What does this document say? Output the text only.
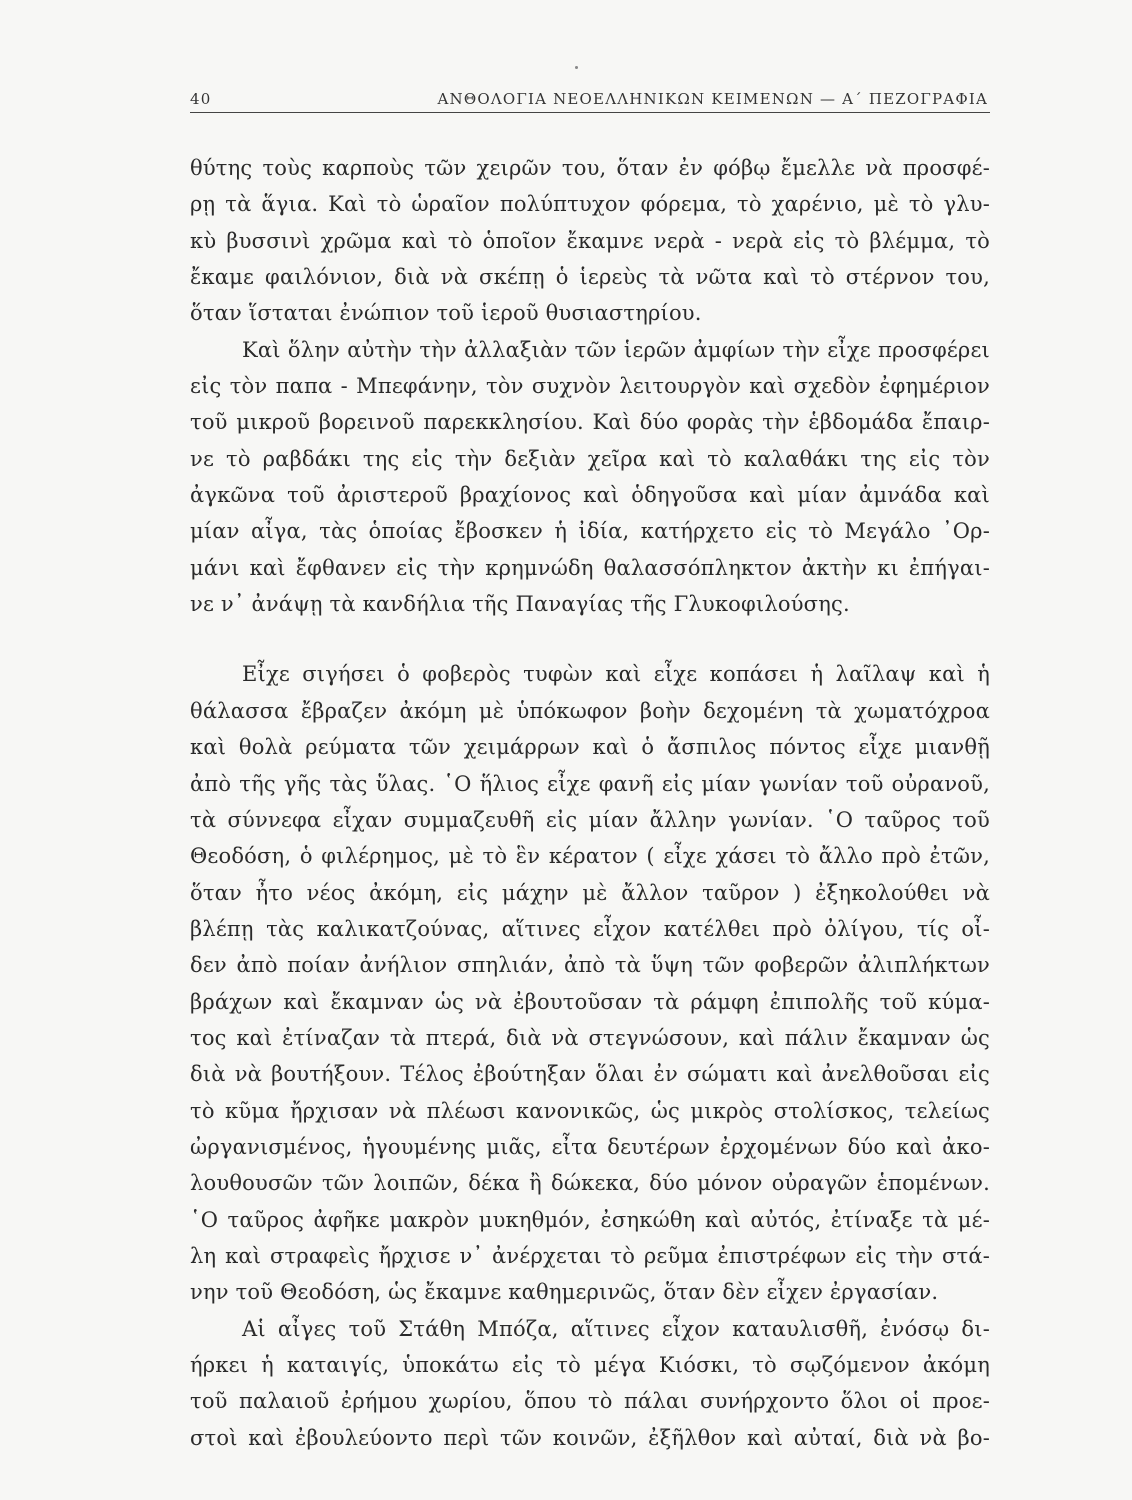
40	ΑΝΘΟΛΟΓΙΑ ΝΕΟΕΛΛΗΝΙΚΩΝ ΚΕΙΜΕΝΩΝ — Α΄ ΠΕΖΟΓΡΑΦΙΑ
θύτης τοὺς καρποὺς τῶν χειρῶν του, ὅταν ἐν φόβῳ ἔμελλε νὰ προσφέ-
ρῃ τὰ ἅγια. Καὶ τὸ ὡραῖον πολύπτυχον φόρεμα, τὸ χαρένιο, μὲ τὸ γλυ-
κὺ βυσσινὶ χρῶμα καὶ τὸ ὁποῖον ἔκαμνε νερὰ - νερὰ εἰς τὸ βλέμμα, τὸ
ἔκαμε φαιλόνιον, διὰ νὰ σκέπῃ ὁ ἱερεὺς τὰ νῶτα καὶ τὸ στέρνον του,
ὅταν ἵσταται ἐνώπιον τοῦ ἱεροῦ θυσιαστηρίου.
Καὶ ὅλην αὐτὴν τὴν ἀλλαξιὰν τῶν ἱερῶν ἀμφίων τὴν εἶχε προσφέρει
εἰς τὸν παπα - Μπεφάνην, τὸν συχνὸν λειτουργὸν καὶ σχεδὸν ἐφημέριον
τοῦ μικροῦ βορεινοῦ παρεκκλησίου. Καὶ δύο φορὰς τὴν ἑβδομάδα ἔπαιρ-
νε τὸ ραβδάκι της εἰς τὴν δεξιὰν χεῖρα καὶ τὸ καλαθάκι της εἰς τὸν
ἀγκῶνα τοῦ ἀριστεροῦ βραχίονος καὶ ὁδηγοῦσα καὶ μίαν ἀμνάδα καὶ
μίαν αἶγα, τὰς ὁποίας ἔβοσκεν ἡ ἰδία, κατήρχετο εἰς τὸ Μεγάλο ᾿Ορ-
μάνι καὶ ἔφθανεν εἰς τὴν κρημνώδη θαλασσόπληκτον ἀκτὴν κι ἐπήγαι-
νε ν᾿ ἀνάψῃ τὰ κανδήλια τῆς Παναγίας τῆς Γλυκοφιλούσης.
Εἶχε σιγήσει ὁ φοβερὸς τυφὼν καὶ εἶχε κοπάσει ἡ λαῖλαψ καὶ ἡ
θάλασσα ἔβραζεν ἀκόμη μὲ ὑπόκωφον βοὴν δεχομένη τὰ χωματόχροα
καὶ θολὰ ρεύματα τῶν χειμάρρων καὶ ὁ ἄσπιλος πόντος εἶχε μιανθῇ
ἀπὸ τῆς γῆς τὰς ὕλας. ῾Ο ἥλιος εἶχε φανῆ εἰς μίαν γωνίαν τοῦ οὐρανοῦ,
τὰ σύννεφα εἶχαν συμμαζευθῆ εἰς μίαν ἄλλην γωνίαν. ῾Ο ταῦρος τοῦ
Θεοδόση, ὁ φιλέρημος, μὲ τὸ ἓν κέρατον ( εἶχε χάσει τὸ ἄλλο πρὸ ἐτῶν,
ὅταν ἦτο νέος ἀκόμη, εἰς μάχην μὲ ἄλλον ταῦρον ) ἐξηκολούθει νὰ
βλέπῃ τὰς καλικατζούνας, αἵτινες εἶχον κατέλθει πρὸ ὀλίγου, τίς οἶ-
δεν ἀπὸ ποίαν ἀνήλιον σπηλιάν, ἀπὸ τὰ ὕψη τῶν φοβερῶν ἀλιπλήκτων
βράχων καὶ ἔκαμναν ὡς νὰ ἐβουτοῦσαν τὰ ράμφη ἐπιπολῆς τοῦ κύμα-
τος καὶ ἐτίναζαν τὰ πτερά, διὰ νὰ στεγνώσουν, καὶ πάλιν ἔκαμναν ὡς
διὰ νὰ βουτήξουν. Τέλος ἐβούτηξαν ὅλαι ἐν σώματι καὶ ἀνελθοῦσαι εἰς
τὸ κῦμα ἤρχισαν νὰ πλέωσι κανονικῶς, ὡς μικρὸς στολίσκος, τελείως
ὠργανισμένος, ἡγουμένης μιᾶς, εἶτα δευτέρων ἐρχομένων δύο καὶ ἀκο-
λουθουσῶν τῶν λοιπῶν, δέκα ἢ δώκεκα, δύο μόνον οὐραγῶν ἑπομένων.
῾Ο ταῦρος ἀφῆκε μακρὸν μυκηθμόν, ἐσηκώθη καὶ αὐτός, ἐτίναξε τὰ μέ-
λη καὶ στραφεὶς ἤρχισε ν᾿ ἀνέρχεται τὸ ρεῦμα ἐπιστρέφων εἰς τὴν στά-
νην τοῦ Θεοδόση, ὡς ἔκαμνε καθημερινῶς, ὅταν δὲν εἶχεν ἐργασίαν.
Αἱ αἶγες τοῦ Στάθη Μπόζα, αἵτινες εἶχον καταυλισθῆ, ἐνόσῳ δι-
ήρκει ἡ καταιγίς, ὑποκάτω εἰς τὸ μέγα Κιόσκι, τὸ σῳζόμενον ἀκόμη
τοῦ παλαιοῦ ἐρήμου χωρίου, ὅπου τὸ πάλαι συνήρχοντο ὅλοι οἱ προε-
στοὶ καὶ ἐβουλεύοντο περὶ τῶν κοινῶν, ἐξῆλθον καὶ αὐταί, διὰ νὰ βο-
